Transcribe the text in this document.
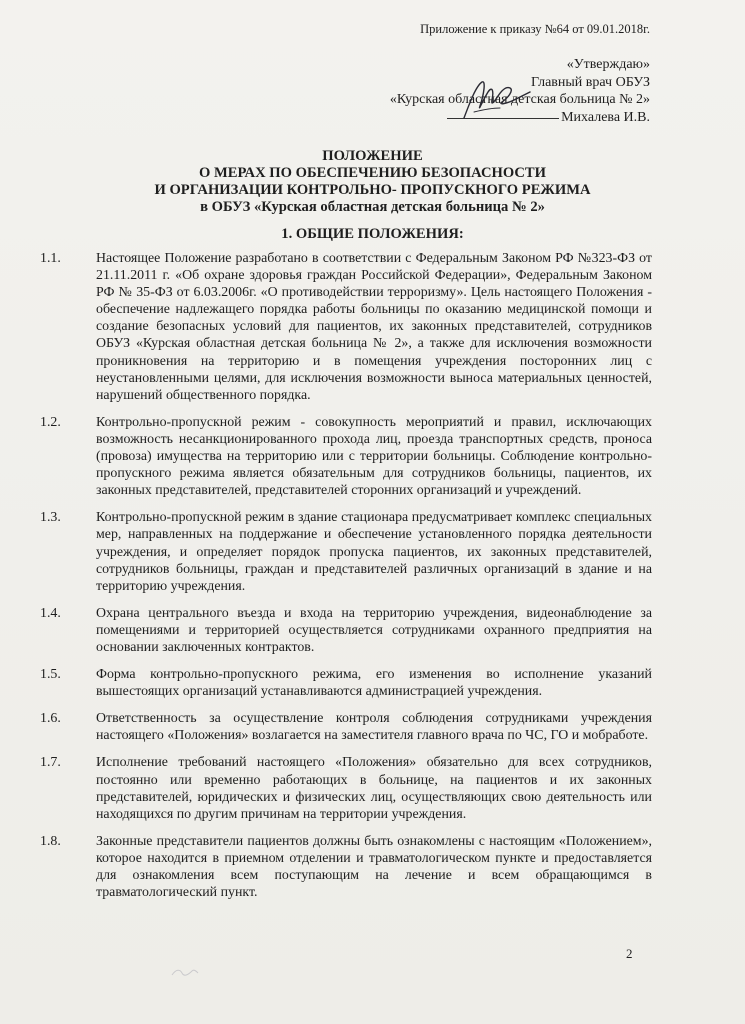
Приложение к приказу №64 от 09.01.2018г.
«Утверждаю»
Главный врач ОБУЗ
«Курская областная детская больница № 2»
Михалева И.В.
ПОЛОЖЕНИЕ
О МЕРАХ ПО ОБЕСПЕЧЕНИЮ БЕЗОПАСНОСТИ
И ОРГАНИЗАЦИИ КОНТРОЛЬНО- ПРОПУСКНОГО РЕЖИМА
в ОБУЗ «Курская областная детская больница № 2»
1. ОБЩИЕ ПОЛОЖЕНИЯ:
1.1.	Настоящее Положение разработано в соответствии с Федеральным Законом РФ №323-ФЗ от 21.11.2011 г. «Об охране здоровья граждан Российской Федерации», Федеральным Законом РФ № 35-ФЗ от 6.03.2006г. «О противодействии терроризму». Цель настоящего Положения - обеспечение надлежащего порядка работы больницы по оказанию медицинской помощи и создание безопасных условий для пациентов, их законных представителей, сотрудников ОБУЗ «Курская областная детская больница № 2», а также для исключения возможности проникновения на территорию и в помещения учреждения посторонних лиц с неустановленными целями, для исключения возможности выноса материальных ценностей, нарушений общественного порядка.
1.2.	Контрольно-пропускной режим - совокупность мероприятий и правил, исключающих возможность несанкционированного прохода лиц, проезда транспортных средств, проноса (провоза) имущества на территорию или с территории больницы. Соблюдение контрольно-пропускного режима является обязательным для сотрудников больницы, пациентов, их законных представителей, представителей сторонних организаций и учреждений.
1.3.	Контрольно-пропускной режим в здание стационара предусматривает комплекс специальных мер, направленных на поддержание и обеспечение установленного порядка деятельности учреждения, и определяет порядок пропуска пациентов, их законных представителей, сотрудников больницы, граждан и представителей различных организаций в здание и на территорию учреждения.
1.4.	Охрана центрального въезда и входа на территорию учреждения, видеонаблюдение за помещениями и территорией осуществляется сотрудниками охранного предприятия на основании заключенных контрактов.
1.5.	Форма контрольно-пропускного режима, его изменения во исполнение указаний вышестоящих организаций устанавливаются администрацией учреждения.
1.6.	Ответственность за осуществление контроля соблюдения сотрудниками учреждения настоящего «Положения» возлагается на заместителя главного врача по ЧС, ГО и мобработе.
1.7.	Исполнение требований настоящего «Положения» обязательно для всех сотрудников, постоянно или временно работающих в больнице, на пациентов и их законных представителей, юридических и физических лиц, осуществляющих свою деятельность или находящихся по другим причинам на территории учреждения.
1.8.	Законные представители пациентов должны быть ознакомлены с настоящим «Положением», которое находится в приемном отделении и травматологическом пункте и предоставляется для ознакомления всем поступающим на лечение и всем обращающимся в травматологический пункт.
2
